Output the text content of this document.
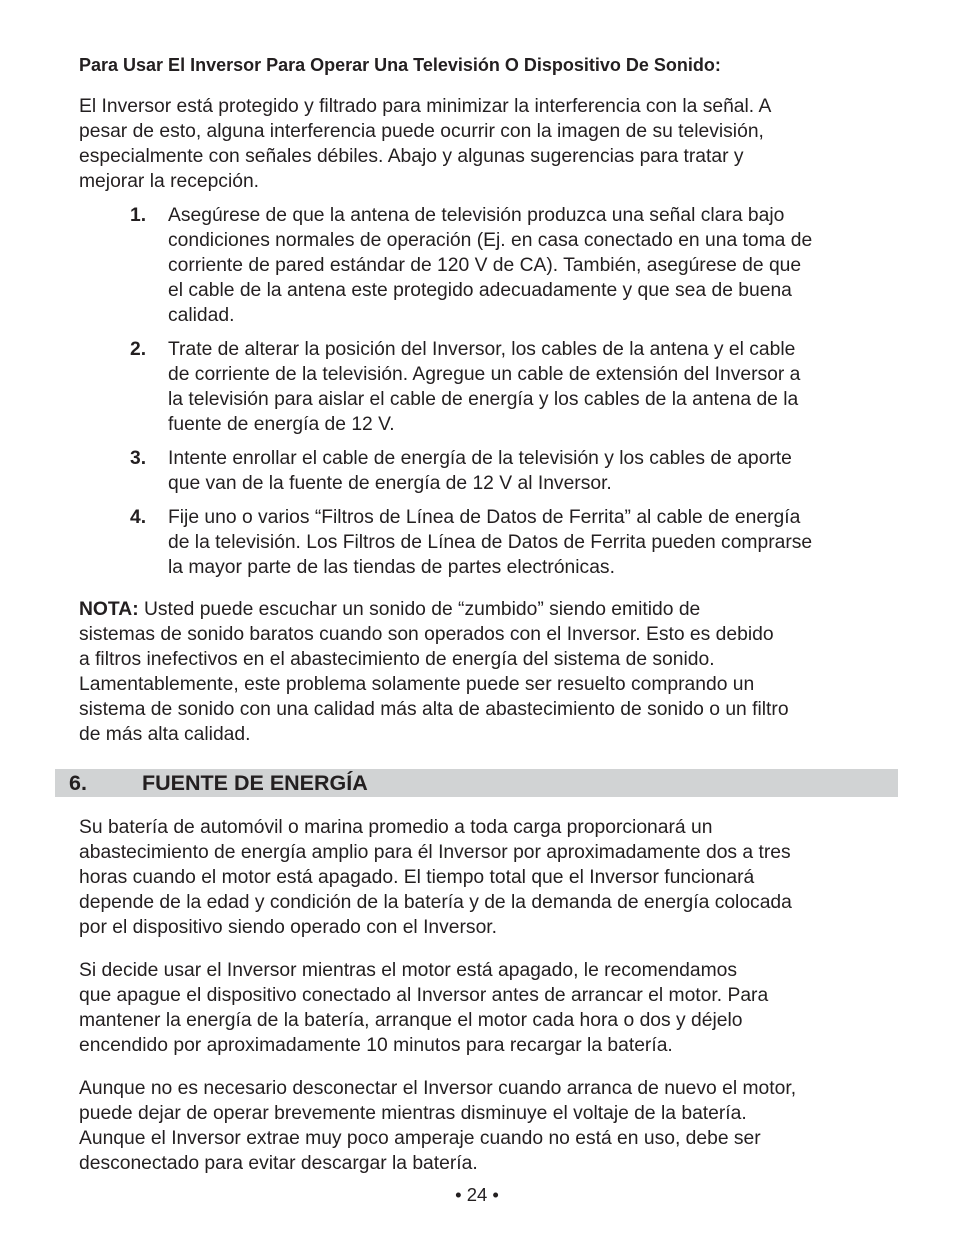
Para Usar El Inversor Para Operar Una Televisión O Dispositivo De Sonido:
El Inversor está protegido y filtrado para minimizar la interferencia con la señal. A
pesar de esto, alguna interferencia puede ocurrir con la imagen de su televisión,
especialmente con señales débiles. Abajo y algunas sugerencias para tratar y
mejorar la recepción.
1. Asegúrese de que la antena de televisión produzca una señal clara bajo
condiciones normales de operación (Ej. en casa conectado en una toma de
corriente de pared estándar de 120 V de CA). También, asegúrese de que
el cable de la antena este protegido adecuadamente y que sea de buena
calidad.
2. Trate de alterar la posición del Inversor, los cables de la antena y el cable
de corriente de la televisión. Agregue un cable de extensión del Inversor a
la televisión para aislar el cable de energía y los cables de la antena de la
fuente de energía de 12 V.
3. Intente enrollar el cable de energía de la televisión y los cables de aporte
que van de la fuente de energía de 12 V al Inversor.
4. Fije uno o varios “Filtros de Línea de Datos de Ferrita” al cable de energía
de la televisión. Los Filtros de Línea de Datos de Ferrita pueden comprarse
la mayor parte de las tiendas de partes electrónicas.
NOTA: Usted puede escuchar un sonido de “zumbido” siendo emitido de
sistemas de sonido baratos cuando son operados con el Inversor. Esto es debido
a filtros inefectivos en el abastecimiento de energía del sistema de sonido.
Lamentablemente, este problema solamente puede ser resuelto comprando un
sistema de sonido con una calidad más alta de abastecimiento de sonido o un filtro
de más alta calidad.
6.	FUENTE DE ENERGÍA
Su batería de automóvil o marina promedio a toda carga proporcionará un
abastecimiento de energía amplio para él Inversor por aproximadamente dos a tres
horas cuando el motor está apagado. El tiempo total que el Inversor funcionará
depende de la edad y condición de la batería y de la demanda de energía colocada
por el dispositivo siendo operado con el Inversor.
Si decide usar el Inversor mientras el motor está apagado, le recomendamos
que apague el dispositivo conectado al Inversor antes de arrancar el motor. Para
mantener la energía de la batería, arranque el motor cada hora o dos y déjelo
encendido por aproximadamente 10 minutos para recargar la batería.
Aunque no es necesario desconectar el Inversor cuando arranca de nuevo el motor,
puede dejar de operar brevemente mientras disminuye el voltaje de la batería.
Aunque el Inversor extrae muy poco amperaje cuando no está en uso, debe ser
desconectado para evitar descargar la batería.
• 24 •
